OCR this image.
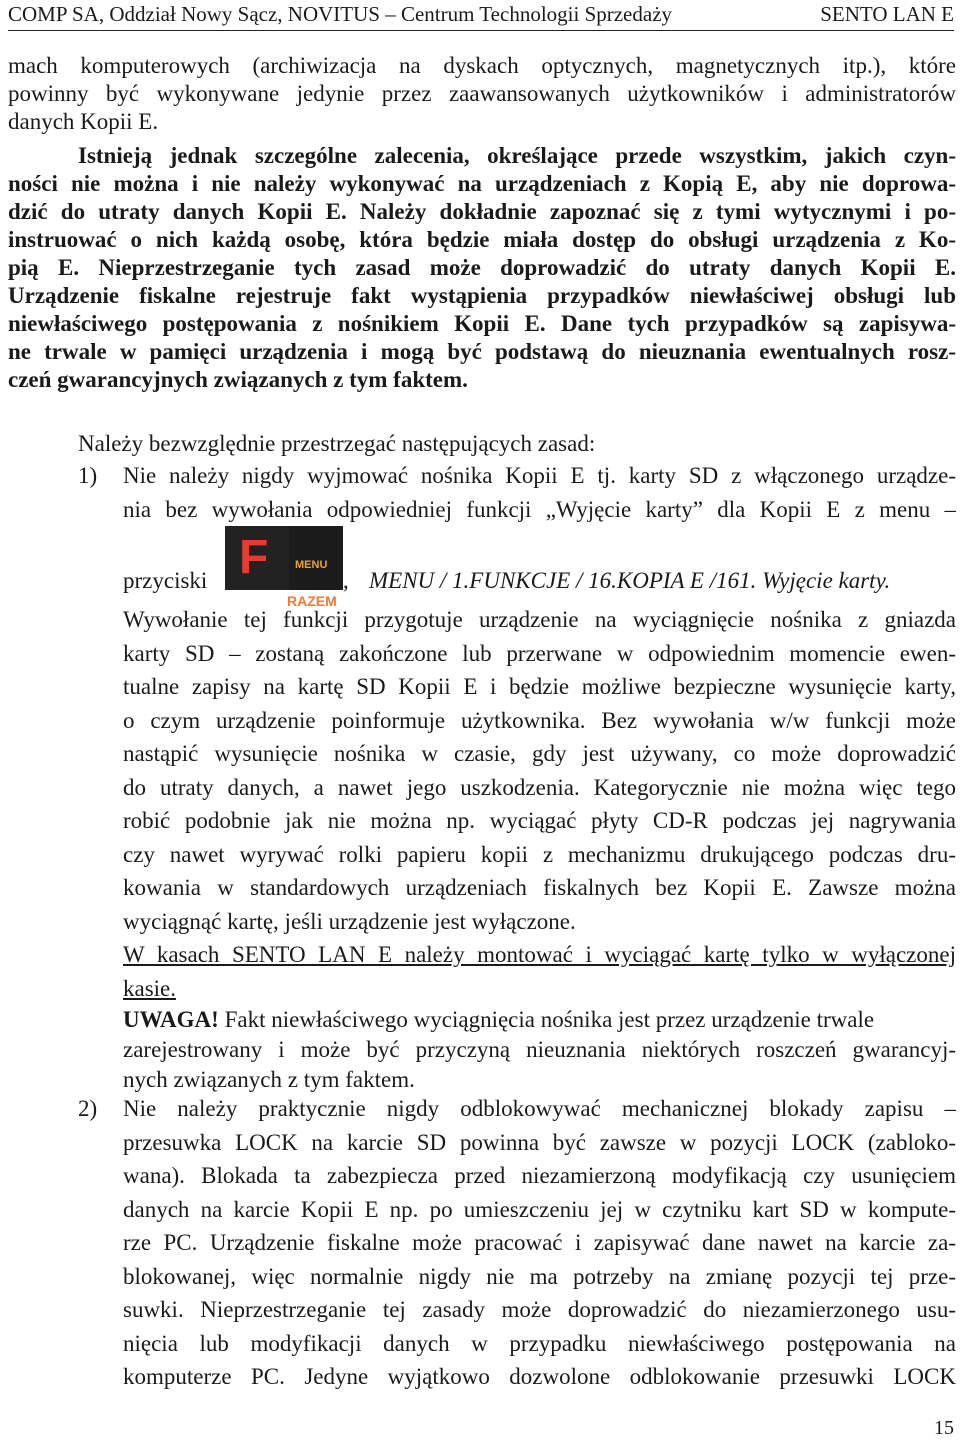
COMP SA, Oddział Nowy Sącz, NOVITUS – Centrum Technologii Sprzedaży	SENTO LAN E
mach komputerowych (archiwizacja na dyskach optycznych, magnetycznych itp.), które
powinny być wykonywane jedynie przez zaawansowanych użytkowników i administratorów
danych Kopii E.
Istnieją jednak szczególne zalecenia, określające przede wszystkim, jakich czyn-
ności nie można i nie należy wykonywać na urządzeniach z Kopią E, aby nie doprowa-
dzić do utraty danych Kopii E. Należy dokładnie zapoznać się z tymi wytycznymi i po-
instruować o nich każdą osobę, która będzie miała dostęp do obsługi urządzenia z Ko-
pią E. Nieprzestrzeganie tych zasad może doprowadzić do utraty danych Kopii E.
Urządzenie fiskalne rejestruje fakt wystąpienia przypadków niewłaściwej obsługi lub
niewłaściwego postępowania z nośnikiem Kopii E. Dane tych przypadków są zapisywa-
ne trwale w pamięci urządzenia i mogą być podstawą do nieuznania ewentualnych rosz-
czeń gwarancyjnych związanych z tym faktem.
Należy bezwzględnie przestrzegać następujących zasad:
1) Nie należy nigdy wyjmować nośnika Kopii E tj. karty SD z włączonego urządze-
nia bez wywołania odpowiedniej funkcji „Wyjęcie karty” dla Kopii E z menu –
przyciski F MENU
RAZEM
, MENU / 1.FUNKCJE / 16.KOPIA E /161. Wyjęcie karty.
Wywołanie tej funkcji przygotuje urządzenie na wyciągnięcie nośnika z gniazda
karty SD – zostaną zakończone lub przerwane w odpowiednim momencie ewen-
tualne zapisy na kartę SD Kopii E i będzie możliwe bezpieczne wysunięcie karty,
o czym urządzenie poinformuje użytkownika. Bez wywołania w/w funkcji może
nastąpić wysunięcie nośnika w czasie, gdy jest używany, co może doprowadzić
do utraty danych, a nawet jego uszkodzenia. Kategorycznie nie można więc tego
robić podobnie jak nie można np. wyciągać płyty CD-R podczas jej nagrywania
czy nawet wyrywać rolki papieru kopii z mechanizmu drukującego podczas dru-
kowania w standardowych urządzeniach fiskalnych bez Kopii E. Zawsze można
wyciągnąć kartę, jeśli urządzenie jest wyłączone.
W kasach SENTO LAN E należy montować i wyciągać kartę tylko w wyłączonej
kasie.
UWAGA! Fakt niewłaściwego wyciągnięcia nośnika jest przez urządzenie trwale
zarejestrowany i może być przyczyną nieuznania niektórych roszczeń gwarancyj-
nych związanych z tym faktem.
2) Nie należy praktycznie nigdy odblokowywać mechanicznej blokady zapisu –
przesuwka LOCK na karcie SD powinna być zawsze w pozycji LOCK (zabloko-
wana). Blokada ta zabezpiecza przed niezamierzoną modyfikacją czy usunięciem
danych na karcie Kopii E np. po umieszczeniu jej w czytniku kart SD w kompute-
rze PC. Urządzenie fiskalne może pracować i zapisywać dane nawet na karcie za-
blokowanej, więc normalnie nigdy nie ma potrzeby na zmianę pozycji tej prze-
suwki. Nieprzestrzeganie tej zasady może doprowadzić do niezamierzonego usu-
nięcia lub modyfikacji danych w przypadku niewłaściwego postępowania na
komputerze PC. Jedyne wyjątkowo dozwolone odblokowanie przesuwki LOCK
15
